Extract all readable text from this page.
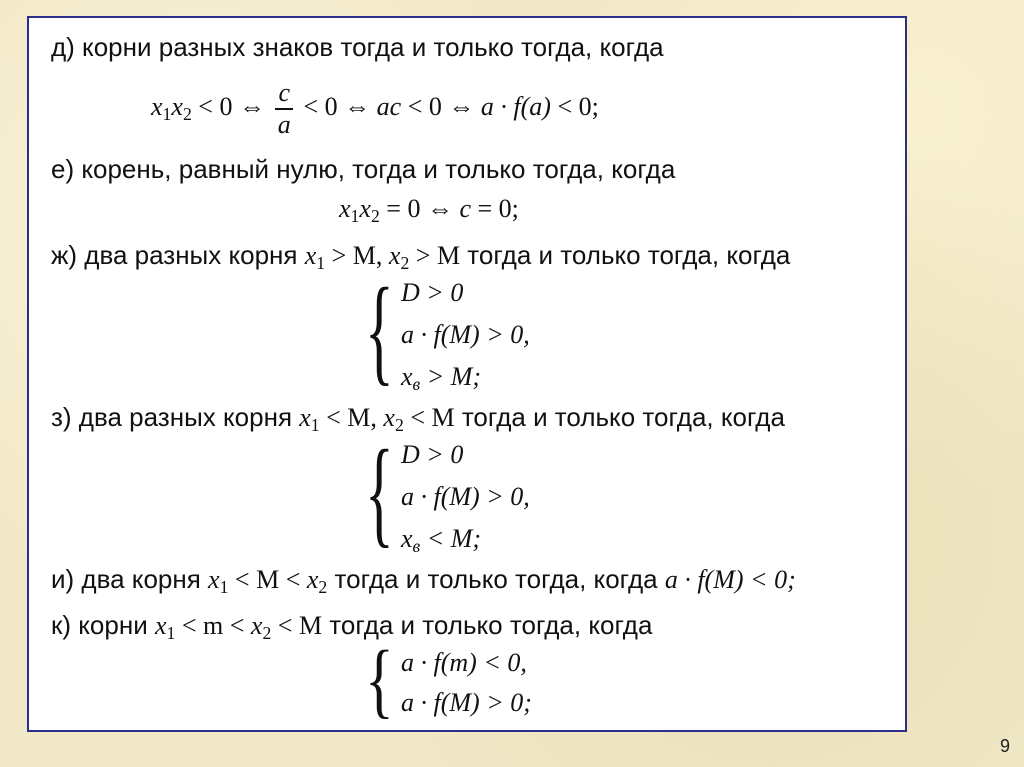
д) корни разных знаков тогда и только тогда, когда
$x_1x_2 < 0$ ⇔ $\frac{c}{a} < 0$ ⇔ ac < 0 ⇔ a · f(a) < 0;
е) корень, равный нулю, тогда и только тогда, когда
$x_1x_2 = 0$ ⇔ c = 0;
ж) два разных корня $x_1 > M$, $x_2 > M$ тогда и только тогда, когда
{ D > 0
a · f(M) > 0,
$x_в > M$;
з) два разных корня $x_1 < M$, $x_2 < M$ тогда и только тогда, когда
{ D > 0
a · f(M) > 0,
$x_в < M$;
и) два корня $x_1 < M < x_2$ тогда и только тогда, когда a · f(M) < 0;
к) корни $x_1 < m < x_2 < M$ тогда и только тогда, когда
{ a · f(m) < 0,
a · f(M) > 0;
9
